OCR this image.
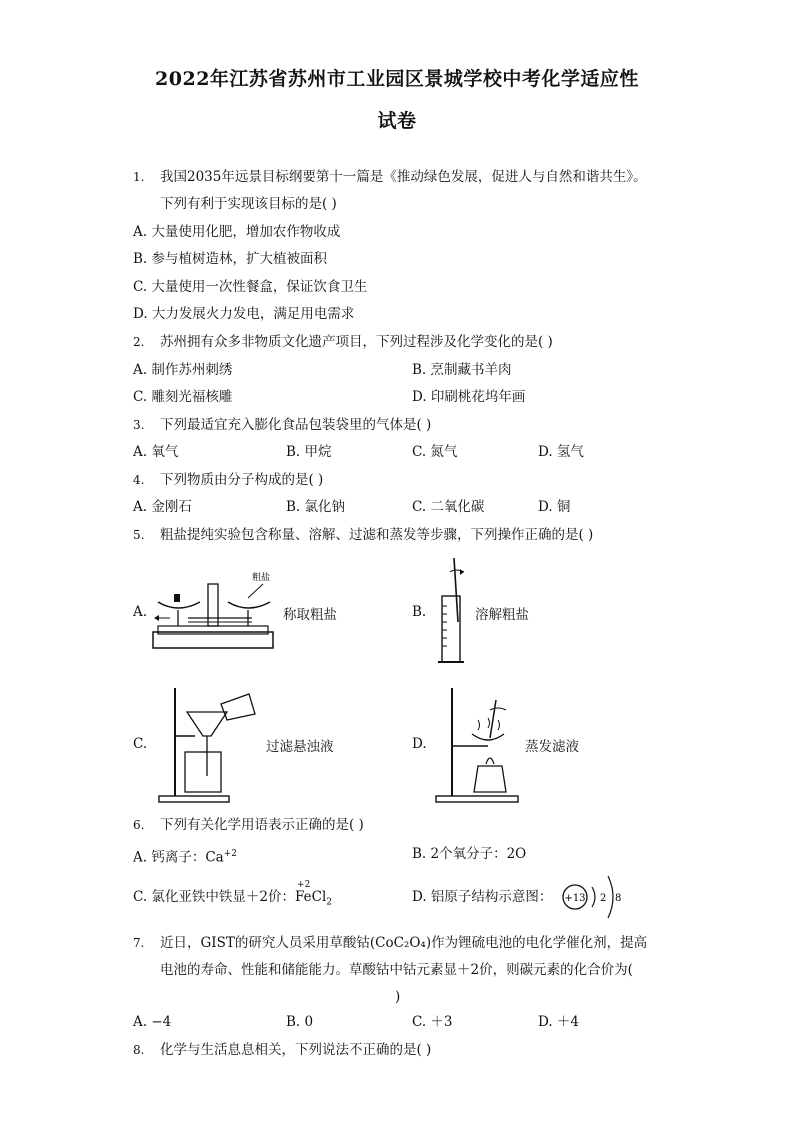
2022年江苏省苏州市工业园区景城学校中考化学适应性
试卷
1. 我国2035年远景目标纲要第十一篇是《推动绿色发展，促进人与自然和谐共生》。
下列有利于实现该目标的是( )
A. 大量使用化肥，增加农作物收成
B. 参与植树造林，扩大植被面积
C. 大量使用一次性餐盒，保证饮食卫生
D. 大力发展火力发电，满足用电需求
2. 苏州拥有众多非物质文化遗产项目，下列过程涉及化学变化的是( )
A. 制作苏州刺绣	B. 烹制藏书羊肉
C. 雕刻光福核雕	D. 印刷桃花坞年画
3. 下列最适宜充入膨化食品包装袋里的气体是( )
A. 氧气	B. 甲烷	C. 氮气	D. 氢气
4. 下列物质由分子构成的是( )
A. 金刚石	B. 氯化钠	C. 二氧化碳	D. 铜
5. 粗盐提纯实验包含称量、溶解、过滤和蒸发等步骤，下列操作正确的是( )
A.
粗盐
称取粗盐	B.	溶解粗盐
C.	过滤悬浊液	D.	蒸发滤液
6. 下列有关化学用语表示正确的是( )
A. 钙离子：$Ca^{+2}$	B. 2个氧分子：2O
C. 氯化亚铁中铁显＋2价：
+2
FeCl$_2$	D. 铝原子结构示意图： +13 2 8
7. 近日，GIST的研究人员采用草酸钴(CoC₂O₄)作为锂硫电池的电化学催化剂，提高
电池的寿命、性能和储能能力。草酸钴中钴元素显＋2价，则碳元素的化合价为(
)
A. −4	B. 0	C. ＋3	D. ＋4
8. 化学与生活息息相关，下列说法不正确的是( )
